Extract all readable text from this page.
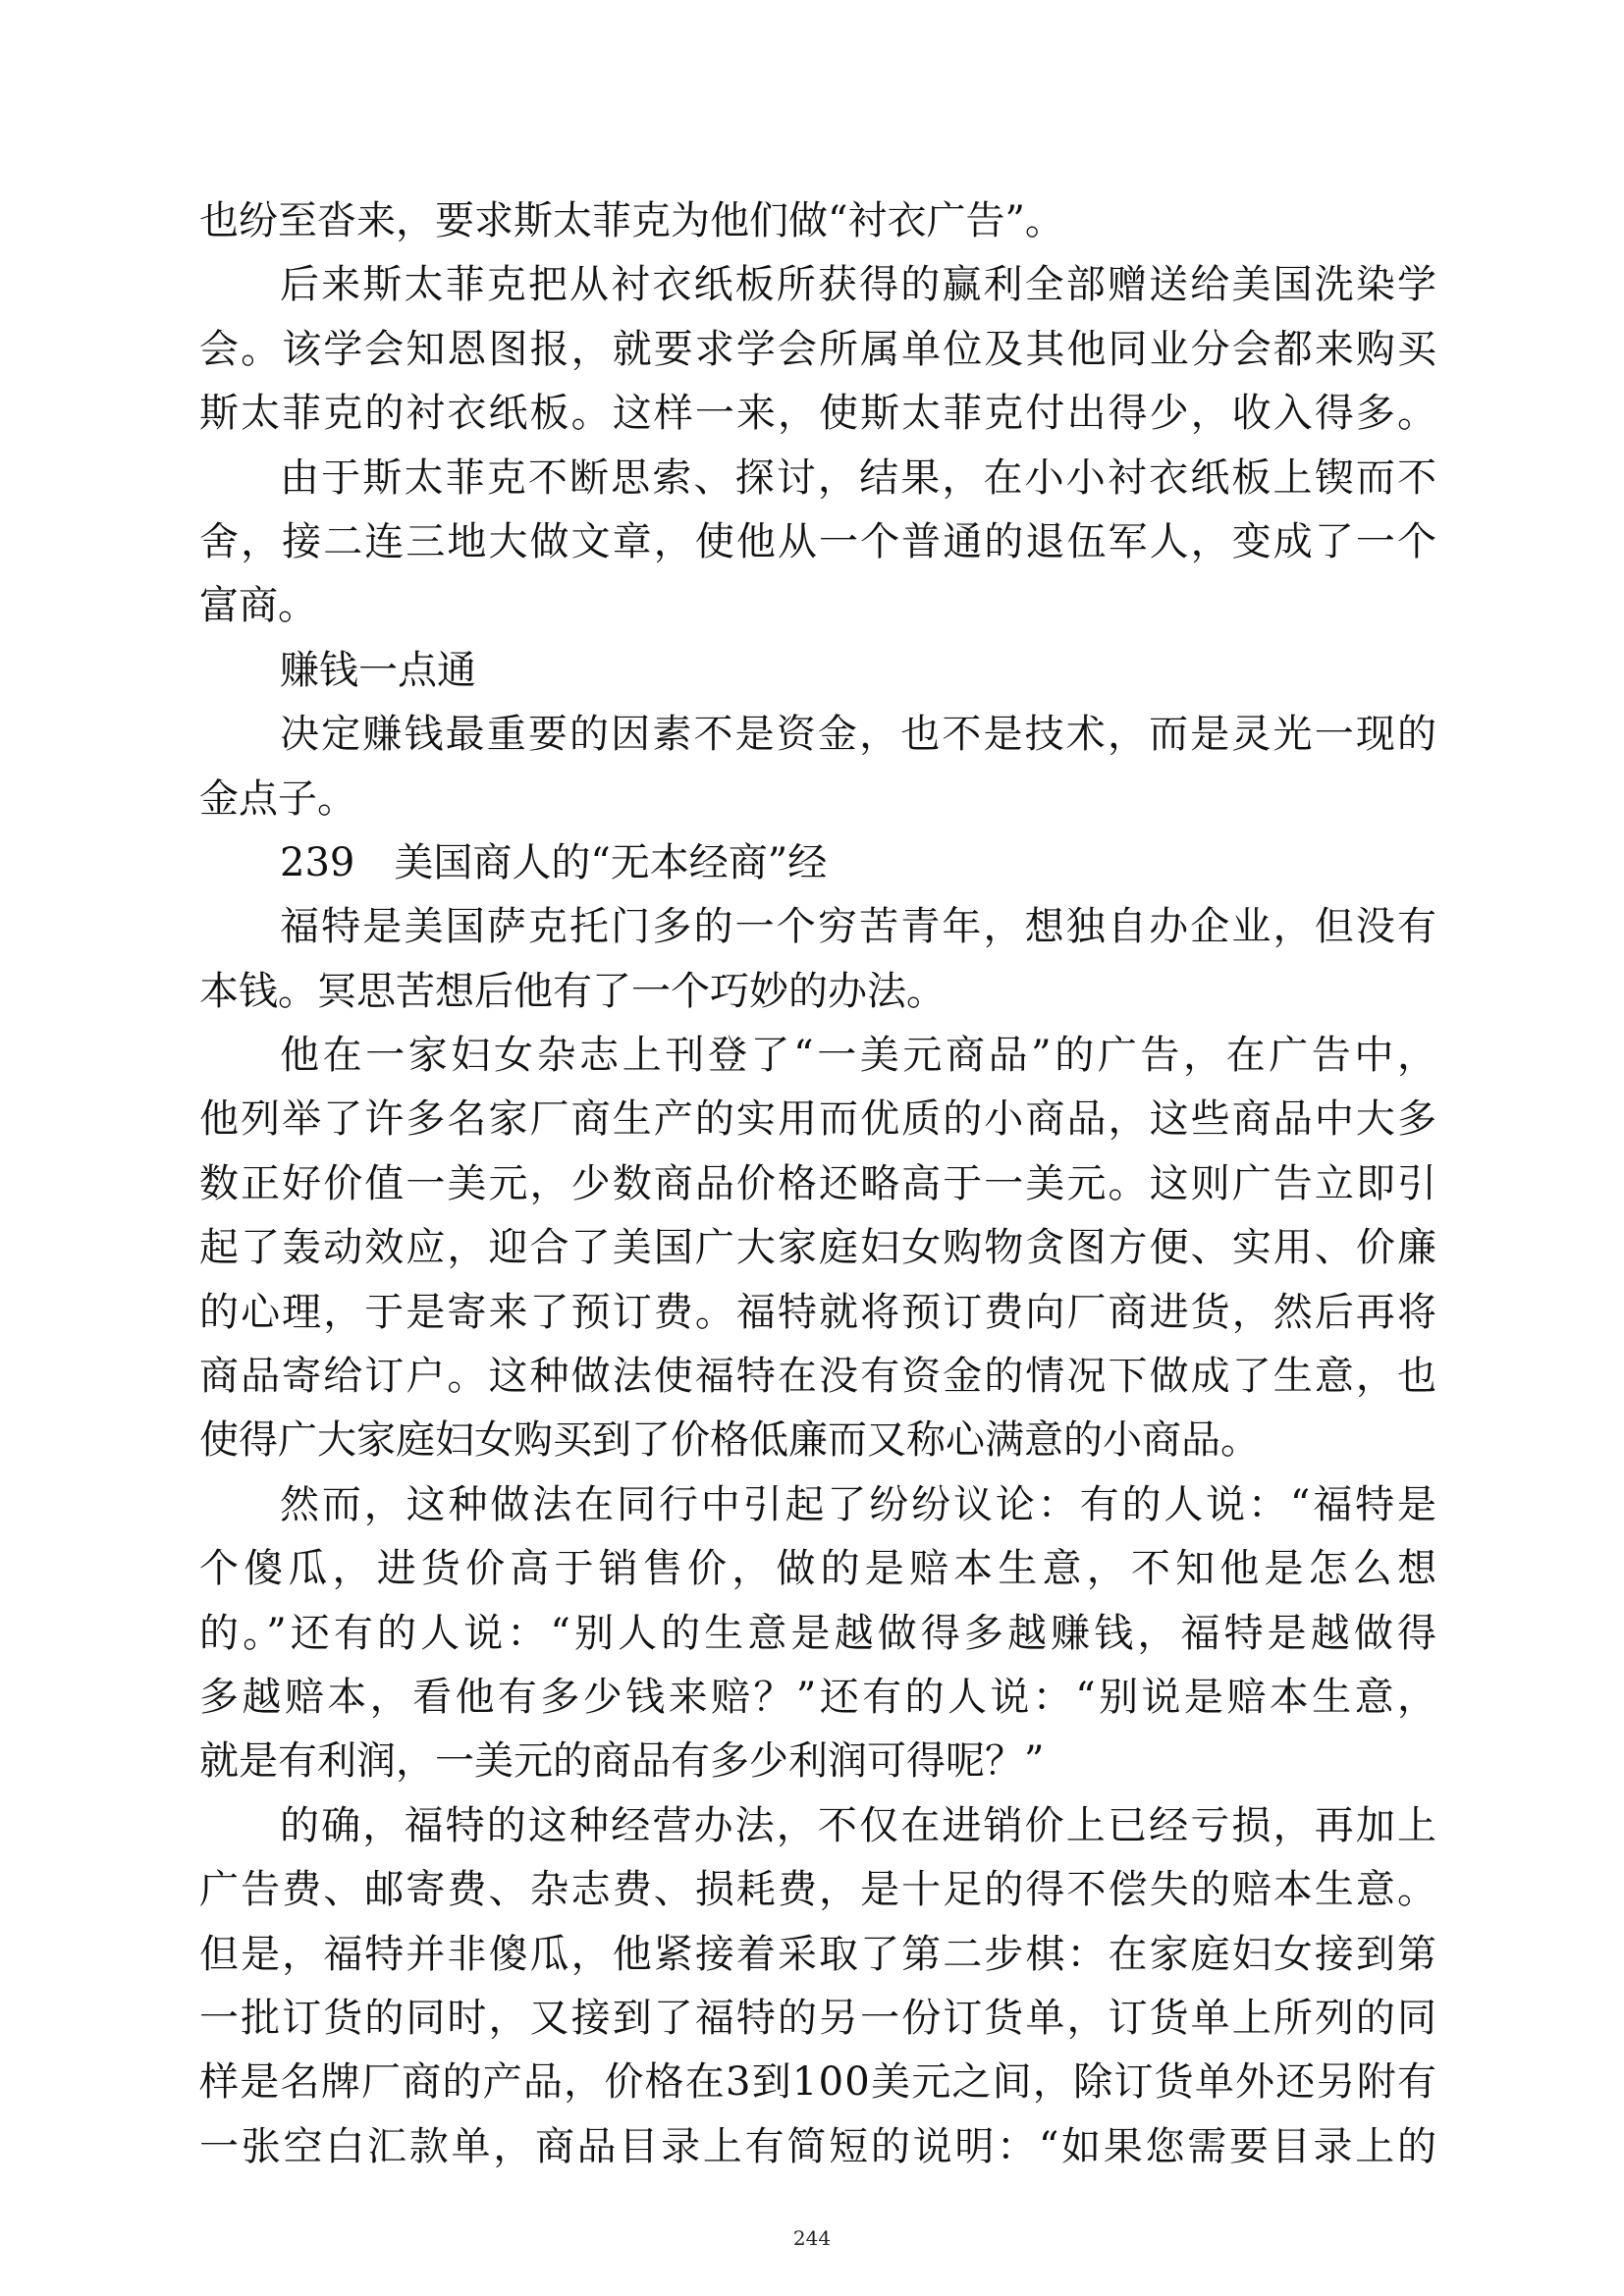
也纷至沓来，要求斯太菲克为他们做“衬衣广告”。
后来斯太菲克把从衬衣纸板所获得的赢利全部赠送给美国洗染学
会。该学会知恩图报，就要求学会所属单位及其他同业分会都来购买
斯太菲克的衬衣纸板。这样一来，使斯太菲克付出得少，收入得多。
由于斯太菲克不断思索、探讨，结果，在小小衬衣纸板上锲而不
舍，接二连三地大做文章，使他从一个普通的退伍军人，变成了一个
富商。
赚钱一点通
决定赚钱最重要的因素不是资金，也不是技术，而是灵光一现的
金点子。
239　美国商人的“无本经商”经
福特是美国萨克托门多的一个穷苦青年，想独自办企业，但没有
本钱。冥思苦想后他有了一个巧妙的办法。
他在一家妇女杂志上刊登了“一美元商品”的广告，在广告中，
他列举了许多名家厂商生产的实用而优质的小商品，这些商品中大多
数正好价值一美元，少数商品价格还略高于一美元。这则广告立即引
起了轰动效应，迎合了美国广大家庭妇女购物贪图方便、实用、价廉
的心理，于是寄来了预订费。福特就将预订费向厂商进货，然后再将
商品寄给订户。这种做法使福特在没有资金的情况下做成了生意，也
使得广大家庭妇女购买到了价格低廉而又称心满意的小商品。
然而，这种做法在同行中引起了纷纷议论：有的人说：“福特是
个傻瓜，进货价高于销售价，做的是赔本生意，不知他是怎么想
的。”还有的人说：“别人的生意是越做得多越赚钱，福特是越做得
多越赔本，看他有多少钱来赔？”还有的人说：“别说是赔本生意，
就是有利润，一美元的商品有多少利润可得呢？”
的确，福特的这种经营办法，不仅在进销价上已经亏损，再加上
广告费、邮寄费、杂志费、损耗费，是十足的得不偿失的赔本生意。
但是，福特并非傻瓜，他紧接着采取了第二步棋：在家庭妇女接到第
一批订货的同时，又接到了福特的另一份订货单，订货单上所列的同
样是名牌厂商的产品，价格在3到100美元之间，除订货单外还另附有
一张空白汇款单，商品目录上有简短的说明：“如果您需要目录上的
244
